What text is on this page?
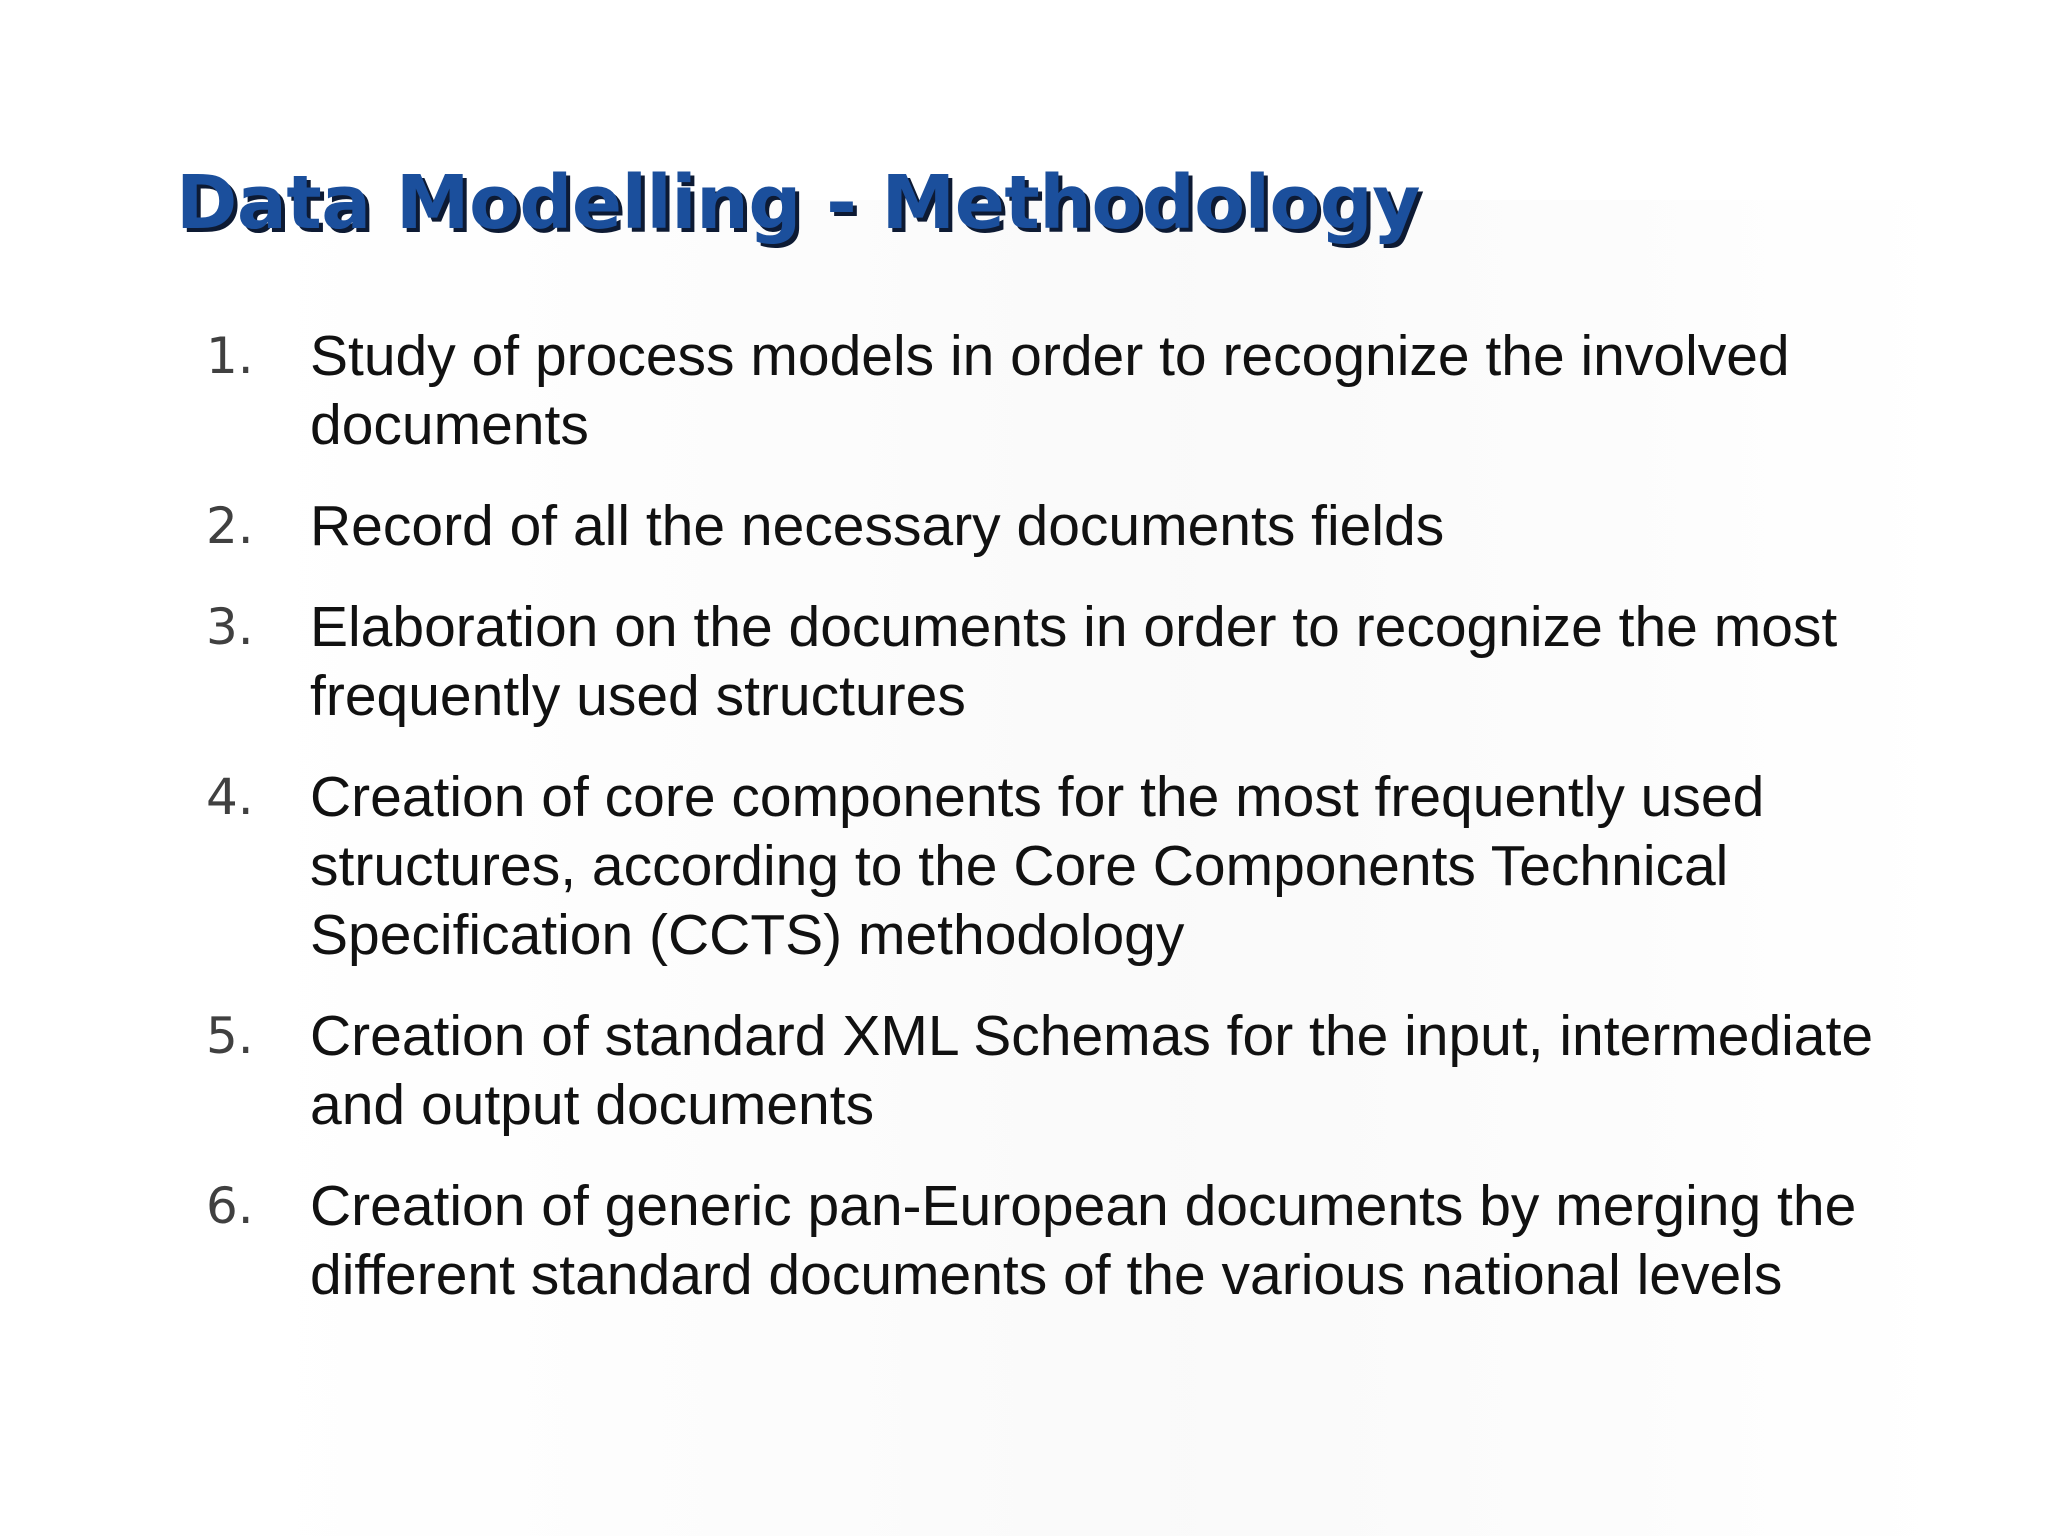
Data Modelling - Methodology
1. Study of process models in order to recognize the involved documents
2. Record of all the necessary documents fields
3. Elaboration on the documents in order to recognize the most frequently used structures
4. Creation of core components for the most frequently used structures, according to the Core Components Technical Specification (CCTS) methodology
5. Creation of standard XML Schemas for the input, intermediate and output documents
6. Creation of generic pan-European documents by merging the different standard documents of the various national levels
